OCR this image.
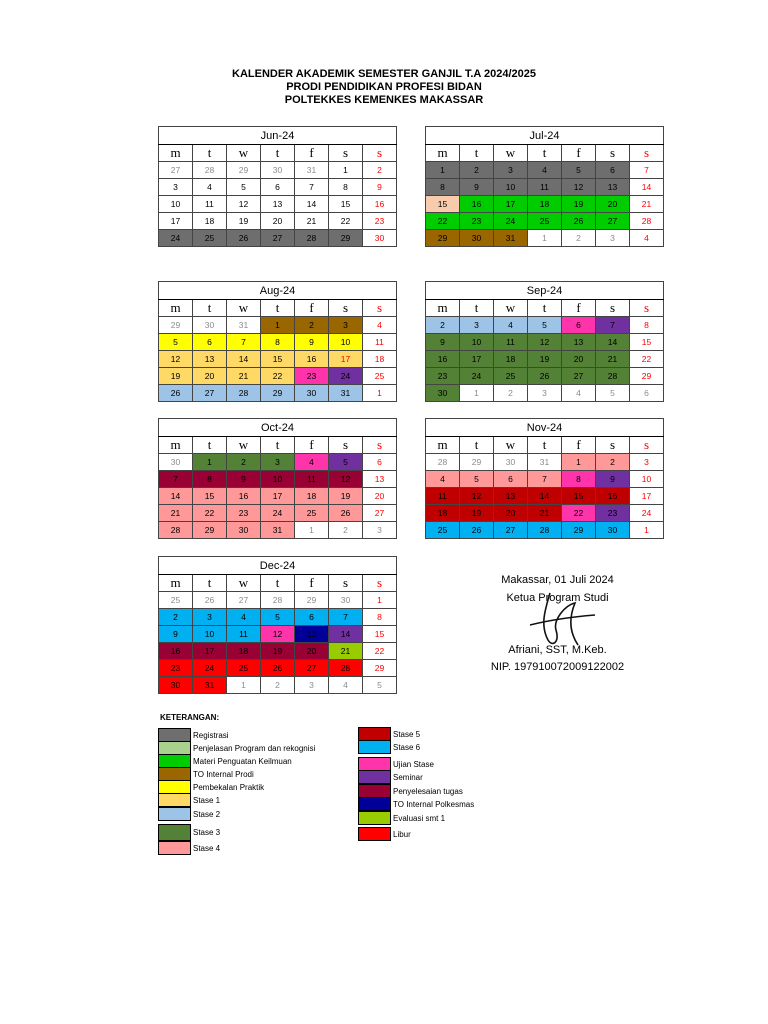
KALENDER AKADEMIK SEMESTER GANJIL T.A 2024/2025
PRODI PENDIDIKAN PROFESI BIDAN
POLTEKKES KEMENKES MAKASSAR
Jun-24						
m	t	w	t	f	s	s
27	28	29	30	31	1	2
3	4	5	6	7	8	9
10	11	12	13	14	15	16
17	18	19	20	21	22	23
24	25	26	27	28	29	30
Jul-24						
m	t	w	t	f	s	s
1	2	3	4	5	6	7
8	9	10	11	12	13	14
15	16	17	18	19	20	21
22	23	24	25	26	27	28
29	30	31	1	2	3	4
Aug-24						
m	t	w	t	f	s	s
29	30	31	1	2	3	4
5	6	7	8	9	10	11
12	13	14	15	16	17	18
19	20	21	22	23	24	25
26	27	28	29	30	31	1
Sep-24						
m	t	w	t	f	s	s
2	3	4	5	6	7	8
9	10	11	12	13	14	15
16	17	18	19	20	21	22
23	24	25	26	27	28	29
30	1	2	3	4	5	6
Oct-24						
m	t	w	t	f	s	s
30	1	2	3	4	5	6
7	8	9	10	11	12	13
14	15	16	17	18	19	20
21	22	23	24	25	26	27
28	29	30	31	1	2	3
Nov-24						
m	t	w	t	f	s	s
28	29	30	31	1	2	3
4	5	6	7	8	9	10
11	12	13	14	15	16	17
18	19	20	21	22	23	24
25	26	27	28	29	30	1
Dec-24						
m	t	w	t	f	s	s
25	26	27	28	29	30	1
2	3	4	5	6	7	8
9	10	11	12	13	14	15
16	17	18	19	20	21	22
23	24	25	26	27	28	29
30	31	1	2	3	4	5
Makassar, 01 Juli 2024
Ketua Program Studi
Afriani, SST, M.Keb.
NIP. 197910072009122002
KETERANGAN:
Registrasi
Penjelasan Program dan rekognisi
Materi Penguatan Keilmuan
TO Internal Prodi
Pembekalan Praktik
Stase 1
Stase 2
Stase 3
Stase 4
Stase 5
Stase 6
Ujian Stase
Seminar
Penyelesaian tugas
TO Internal Polkesmas
Evaluasi smt 1
Libur
